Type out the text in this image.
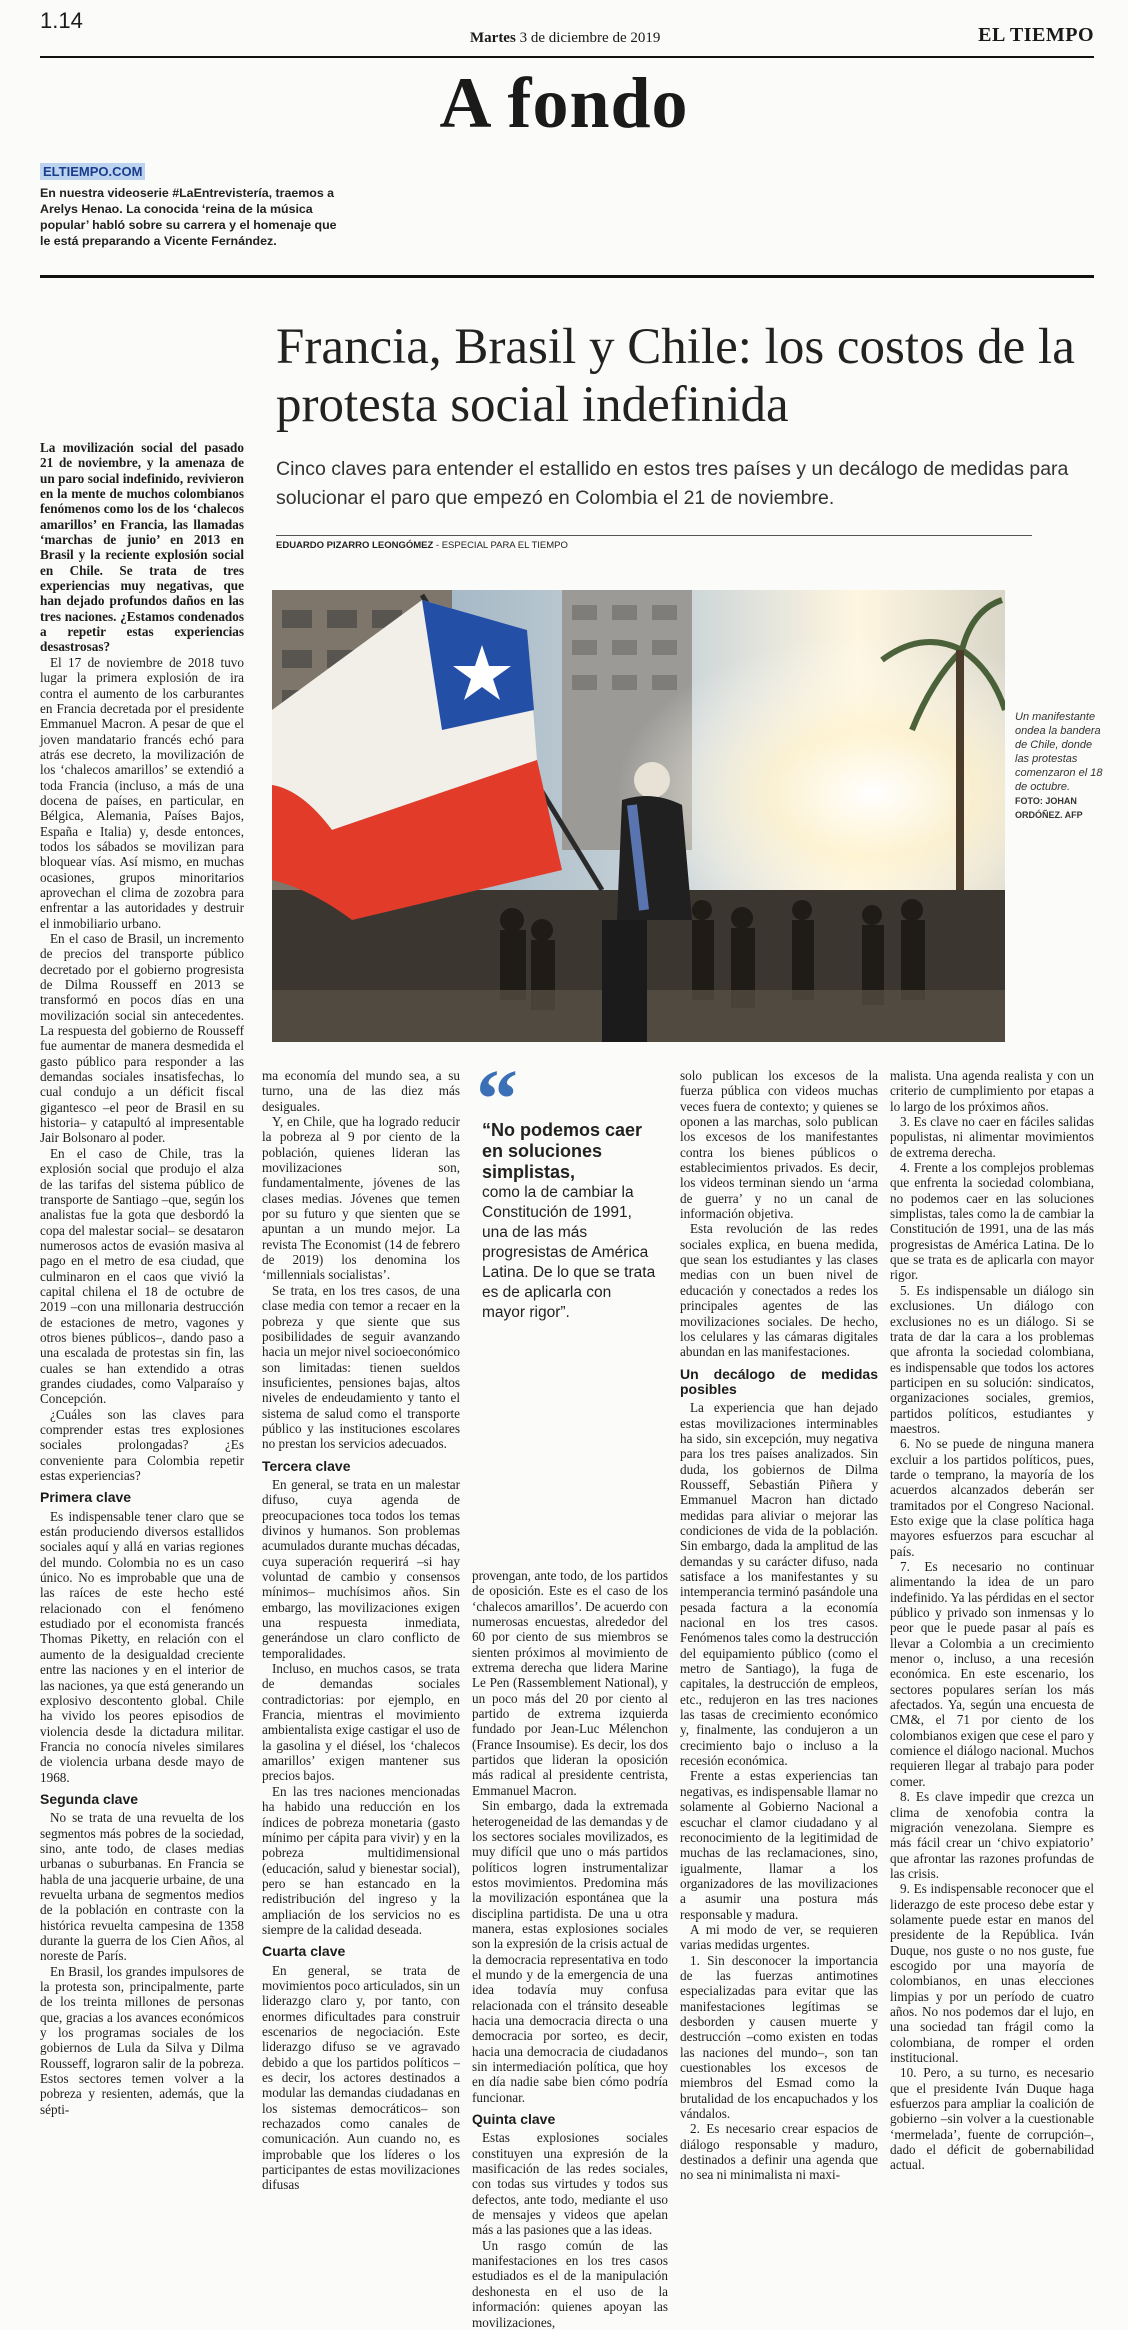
1.14
Martes 3 de diciembre de 2019	EL TIEMPO
A fondo
ELTIEMPO.COM
En nuestra videoserie #LaEntrevistería, traemos a Arelys Henao. La conocida ‘reina de la música popular’ habló sobre su carrera y el homenaje que le está preparando a Vicente Fernández.
Francia, Brasil y Chile: los costos de la protesta social indefinida
Cinco claves para entender el estallido en estos tres países y un decálogo de medidas para solucionar el paro que empezó en Colombia el 21 de noviembre.
EDUARDO PIZARRO LEONGÓMEZ - ESPECIAL PARA EL TIEMPO
Un manifestante ondea la bandera de Chile, donde las protestas comenzaron el 18 de octubre.
FOTO: JOHAN ORDÓÑEZ. AFP
“
“No podemos caer en soluciones simplistas,
como la de cambiar la Constitución de 1991, una de las más progresistas de América Latina. De lo que se trata es de aplicarla con mayor rigor”.

La movilización social del pasado 21 de noviembre, y la amenaza de un paro social indefinido, revivieron en la mente de muchos colombianos fenómenos como los de los ‘chalecos amarillos’ en Francia, las llamadas ‘marchas de junio’ en 2013 en Brasil y la reciente explosión social en Chile. Se trata de tres experiencias muy negativas, que han dejado profundos daños en las tres naciones. ¿Estamos condenados a repetir estas experiencias desastrosas?

El 17 de noviembre de 2018 tuvo lugar la primera explosión de ira contra el aumento de los carburantes en Francia decretada por el presidente Emmanuel Macron. A pesar de que el joven mandatario francés echó para atrás ese decreto, la movilización de los ‘chalecos amarillos’ se extendió a toda Francia (incluso, a más de una docena de países, en particular, en Bélgica, Alemania, Países Bajos, España e Italia) y, desde entonces, todos los sábados se movilizan para bloquear vías. Así mismo, en muchas ocasiones, grupos minoritarios aprovechan el clima de zozobra para enfrentar a las autoridades y destruir el inmobiliario urbano.

En el caso de Brasil, un incremento de precios del transporte público decretado por el gobierno progresista de Dilma Rousseff en 2013 se transformó en pocos días en una movilización social sin antecedentes. La respuesta del gobierno de Rousseff fue aumentar de manera desmedida el gasto público para responder a las demandas sociales insatisfechas, lo cual condujo a un déficit fiscal gigantesco –el peor de Brasil en su historia– y catapultó al impresentable Jair Bolsonaro al poder.

En el caso de Chile, tras la explosión social que produjo el alza de las tarifas del sistema público de transporte de Santiago –que, según los analistas fue la gota que desbordó la copa del malestar social– se desataron numerosos actos de evasión masiva al pago en el metro de esa ciudad, que culminaron en el caos que vivió la capital chilena el 18 de octubre de 2019 –con una millonaria destrucción de estaciones de metro, vagones y otros bienes públicos–, dando paso a una escalada de protestas sin fin, las cuales se han extendido a otras grandes ciudades, como Valparaíso y Concepción.

¿Cuáles son las claves para comprender estas tres explosiones sociales prolongadas? ¿Es conveniente para Colombia repetir estas experiencias?

Primera clave

Es indispensable tener claro que se están produciendo diversos estallidos sociales aquí y allá en varias regiones del mundo. Colombia no es un caso único. No es improbable que una de las raíces de este hecho esté relacionado con el fenómeno estudiado por el economista francés Thomas Piketty, en relación con el aumento de la desigualdad creciente entre las naciones y en el interior de las naciones, ya que está generando un explosivo descontento global. Chile ha vivido los peores episodios de violencia desde la dictadura militar. Francia no conocía niveles similares de violencia urbana desde mayo de 1968.

Segunda clave

No se trata de una revuelta de los segmentos más pobres de la sociedad, sino, ante todo, de clases medias urbanas o suburbanas. En Francia se habla de una jacquerie urbaine, de una revuelta urbana de segmentos medios de la población en contraste con la histórica revuelta campesina de 1358 durante la guerra de los Cien Años, al noreste de París.

En Brasil, los grandes impulsores de la protesta son, principalmente, parte de los treinta millones de personas que, gracias a los avances económicos y los programas sociales de los gobiernos de Lula da Silva y Dilma Rousseff, lograron salir de la pobreza. Estos sectores temen volver a la pobreza y resienten, además, que la sépti-

ma economía del mundo sea, a su turno, una de las diez más desiguales.

Y, en Chile, que ha logrado reducir la pobreza al 9 por ciento de la población, quienes lideran las movilizaciones son, fundamentalmente, jóvenes de las clases medias. Jóvenes que temen por su futuro y que sienten que se apuntan a un mundo mejor. La revista The Economist (14 de febrero de 2019) los denomina los ‘millennials socialistas’.

Se trata, en los tres casos, de una clase media con temor a recaer en la pobreza y que siente que sus posibilidades de seguir avanzando hacia un mejor nivel socioeconómico son limitadas: tienen sueldos insuficientes, pensiones bajas, altos niveles de endeudamiento y tanto el sistema de salud como el transporte público y las instituciones escolares no prestan los servicios adecuados.

Tercera clave

En general, se trata en un malestar difuso, cuya agenda de preocupaciones toca todos los temas divinos y humanos. Son problemas acumulados durante muchas décadas, cuya superación requerirá –si hay voluntad de cambio y consensos mínimos– muchísimos años. Sin embargo, las movilizaciones exigen una respuesta inmediata, generándose un claro conflicto de temporalidades.

Incluso, en muchos casos, se trata de demandas sociales contradictorias: por ejemplo, en Francia, mientras el movimiento ambientalista exige castigar el uso de la gasolina y el diésel, los ‘chalecos amarillos’ exigen mantener sus precios bajos.

En las tres naciones mencionadas ha habido una reducción en los índices de pobreza monetaria (gasto mínimo per cápita para vivir) y en la pobreza multidimensional (educación, salud y bienestar social), pero se han estancado en la redistribución del ingreso y la ampliación de los servicios no es siempre de la calidad deseada.

Cuarta clave

En general, se trata de movimientos poco articulados, sin un liderazgo claro y, por tanto, con enormes dificultades para construir escenarios de negociación. Este liderazgo difuso se ve agravado debido a que los partidos políticos –es decir, los actores destinados a modular las demandas ciudadanas en los sistemas democráticos– son rechazados como canales de comunicación. Aun cuando no, es improbable que los líderes o los participantes de estas movilizaciones difusas

provengan, ante todo, de los partidos de oposición. Este es el caso de los ‘chalecos amarillos’. De acuerdo con numerosas encuestas, alrededor del 60 por ciento de sus miembros se sienten próximos al movimiento de extrema derecha que lidera Marine Le Pen (Rassemblement National), y un poco más del 20 por ciento al partido de extrema izquierda fundado por Jean-Luc Mélenchon (France Insoumise). Es decir, los dos partidos que lideran la oposición más radical al presidente centrista, Emmanuel Macron.

Sin embargo, dada la extremada heterogeneidad de las demandas y de los sectores sociales movilizados, es muy difícil que uno o más partidos políticos logren instrumentalizar estos movimientos. Predomina más la movilización espontánea que la disciplina partidista. De una u otra manera, estas explosiones sociales son la expresión de la crisis actual de la democracia representativa en todo el mundo y de la emergencia de una idea todavía muy confusa relacionada con el tránsito deseable hacia una democracia directa o una democracia por sorteo, es decir, hacia una democracia de ciudadanos sin intermediación política, que hoy en día nadie sabe bien cómo podría funcionar.

Quinta clave

Estas explosiones sociales constituyen una expresión de la masificación de las redes sociales, con todas sus virtudes y todos sus defectos, ante todo, mediante el uso de mensajes y videos que apelan más a las pasiones que a las ideas.

Un rasgo común de las manifestaciones en los tres casos estudiados es el de la manipulación deshonesta en el uso de la información: quienes apoyan las movilizaciones,

solo publican los excesos de la fuerza pública con videos muchas veces fuera de contexto; y quienes se oponen a las marchas, solo publican los excesos de los manifestantes contra los bienes públicos o establecimientos privados. Es decir, los videos terminan siendo un ‘arma de guerra’ y no un canal de información objetiva.

Esta revolución de las redes sociales explica, en buena medida, que sean los estudiantes y las clases medias con un buen nivel de educación y conectados a redes los principales agentes de las movilizaciones sociales. De hecho, los celulares y las cámaras digitales abundan en las manifestaciones.

Un decálogo de medidas posibles

La experiencia que han dejado estas movilizaciones interminables ha sido, sin excepción, muy negativa para los tres países analizados. Sin duda, los gobiernos de Dilma Rousseff, Sebastián Piñera y Emmanuel Macron han dictado medidas para aliviar o mejorar las condiciones de vida de la población. Sin embargo, dada la amplitud de las demandas y su carácter difuso, nada satisface a los manifestantes y su intemperancia terminó pasándole una pesada factura a la economía nacional en los tres casos. Fenómenos tales como la destrucción del equipamiento público (como el metro de Santiago), la fuga de capitales, la destrucción de empleos, etc., redujeron en las tres naciones las tasas de crecimiento económico y, finalmente, las condujeron a un crecimiento bajo o incluso a la recesión económica.

Frente a estas experiencias tan negativas, es indispensable llamar no solamente al Gobierno Nacional a escuchar el clamor ciudadano y al reconocimiento de la legitimidad de muchas de las reclamaciones, sino, igualmente, llamar a los organizadores de las movilizaciones a asumir una postura más responsable y madura.

A mi modo de ver, se requieren varias medidas urgentes.

1. Sin desconocer la importancia de las fuerzas antimotines especializadas para evitar que las manifestaciones legítimas se desborden y causen muerte y destrucción –como existen en todas las naciones del mundo–, son tan cuestionables los excesos de miembros del Esmad como la brutalidad de los encapuchados y los vándalos.

2. Es necesario crear espacios de diálogo responsable y maduro, destinados a definir una agenda que no sea ni minimalista ni maxi-

malista. Una agenda realista y con un criterio de cumplimiento por etapas a lo largo de los próximos años.

3. Es clave no caer en fáciles salidas populistas, ni alimentar movimientos de extrema derecha.

4. Frente a los complejos problemas que enfrenta la sociedad colombiana, no podemos caer en las soluciones simplistas, tales como la de cambiar la Constitución de 1991, una de las más progresistas de América Latina. De lo que se trata es de aplicarla con mayor rigor.

5. Es indispensable un diálogo sin exclusiones. Un diálogo con exclusiones no es un diálogo. Si se trata de dar la cara a los problemas que afronta la sociedad colombiana, es indispensable que todos los actores participen en su solución: sindicatos, organizaciones sociales, gremios, partidos políticos, estudiantes y maestros.

6. No se puede de ninguna manera excluir a los partidos políticos, pues, tarde o temprano, la mayoría de los acuerdos alcanzados deberán ser tramitados por el Congreso Nacional. Esto exige que la clase política haga mayores esfuerzos para escuchar al país.

7. Es necesario no continuar alimentando la idea de un paro indefinido. Ya las pérdidas en el sector público y privado son inmensas y lo peor que le puede pasar al país es llevar a Colombia a un crecimiento menor o, incluso, a una recesión económica. En este escenario, los sectores populares serían los más afectados. Ya, según una encuesta de CM&, el 71 por ciento de los colombianos exigen que cese el paro y comience el diálogo nacional. Muchos requieren llegar al trabajo para poder comer.

8. Es clave impedir que crezca un clima de xenofobia contra la migración venezolana. Siempre es más fácil crear un ‘chivo expiatorio’ que afrontar las razones profundas de las crisis.

9. Es indispensable reconocer que el liderazgo de este proceso debe estar y solamente puede estar en manos del presidente de la República. Iván Duque, nos guste o no nos guste, fue escogido por una mayoría de colombianos, en unas elecciones limpias y por un período de cuatro años. No nos podemos dar el lujo, en una sociedad tan frágil como la colombiana, de romper el orden institucional.

10. Pero, a su turno, es necesario que el presidente Iván Duque haga esfuerzos para ampliar la coalición de gobierno –sin volver a la cuestionable ‘mermelada’, fuente de corrupción–, dado el déficit de gobernabilidad actual.
